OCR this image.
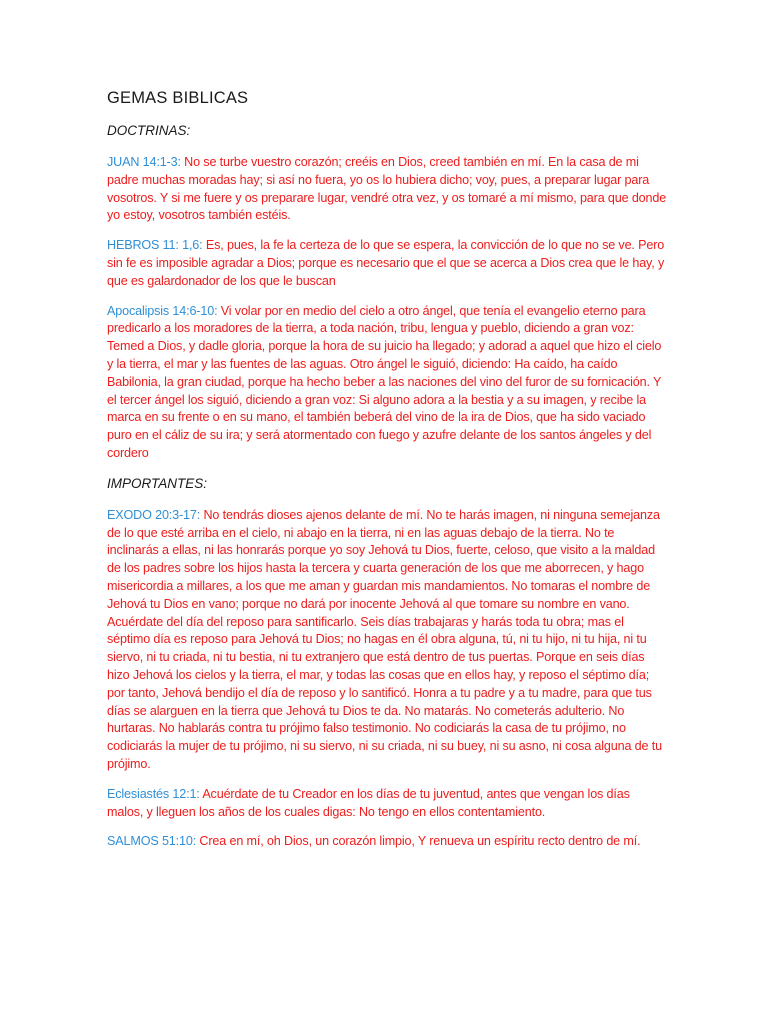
GEMAS BIBLICAS
DOCTRINAS:

JUAN 14:1-3: No se turbe vuestro corazón; creéis en Dios, creed también en mí. En la casa de mi padre muchas moradas hay; si así no fuera, yo os lo hubiera dicho; voy, pues, a preparar lugar para vosotros. Y si me fuere y os preparare lugar, vendré otra vez, y os tomaré a mí mismo, para que donde yo estoy, vosotros también estéis.

HEBROS 11: 1,6: Es, pues, la fe la certeza de lo que se espera, la convicción de lo que no se ve. Pero sin fe es imposible agradar a Dios; porque es necesario que el que se acerca a Dios crea que le hay, y que es galardonador de los que le buscan

Apocalipsis 14:6-10: Vi volar por en medio del cielo a otro ángel, que tenía el evangelio eterno para predicarlo a los moradores de la tierra, a toda nación, tribu, lengua y pueblo, diciendo a gran voz: Temed a Dios, y dadle gloria, porque la hora de su juicio ha llegado; y adorad a aquel que hizo el cielo y la tierra, el mar y las fuentes de las aguas. Otro ángel le siguió, diciendo: Ha caído, ha caído Babilonia, la gran ciudad, porque ha hecho beber a las naciones del vino del furor de su fornicación. Y el tercer ángel los siguió, diciendo a gran voz: Si alguno adora a la bestia y a su imagen, y recibe la marca en su frente o en su mano, el también beberá del vino de la ira de Dios, que ha sido vaciado puro en el cáliz de su ira; y será atormentado con fuego y azufre delante de los santos ángeles y del cordero

IMPORTANTES:

EXODO 20:3-17: No tendrás dioses ajenos delante de mí. No te harás imagen, ni ninguna semejanza de lo que esté arriba en el cielo, ni abajo en la tierra, ni en las aguas debajo de la tierra. No te inclinarás a ellas, ni las honrarás porque yo soy Jehová tu Dios, fuerte, celoso, que visito a la maldad de los padres sobre los hijos hasta la tercera y cuarta generación de los que me aborrecen, y hago misericordia a millares, a los que me aman y guardan mis mandamientos. No tomaras el nombre de Jehová tu Dios en vano; porque no dará por inocente Jehová al que tomare su nombre en vano. Acuérdate del día del reposo para santificarlo. Seis días trabajaras y harás toda tu obra; mas el séptimo día es reposo para Jehová tu Dios; no hagas en él obra alguna, tú, ni tu hijo, ni tu hija, ni tu siervo, ni tu criada, ni tu bestia, ni tu extranjero que está dentro de tus puertas. Porque en seis días hizo Jehová los cielos y la tierra, el mar, y todas las cosas que en ellos hay, y reposo el séptimo día; por tanto, Jehová bendijo el día de reposo y lo santificó. Honra a tu padre y a tu madre, para que tus días se alarguen en la tierra que Jehová tu Dios te da. No matarás. No cometerás adulterio. No hurtaras. No hablarás contra tu prójimo falso testimonio. No codiciarás la casa de tu prójimo, no codiciarás la mujer de tu prójimo, ni su siervo, ni su criada, ni su buey, ni su asno, ni cosa alguna de tu prójimo.

Eclesiastés 12:1: Acuérdate de tu Creador en los días de tu juventud, antes que vengan los días malos, y lleguen los años de los cuales digas: No tengo en ellos contentamiento.

SALMOS 51:10: Crea en mí, oh Dios, un corazón limpio, Y renueva un espíritu recto dentro de mí.
